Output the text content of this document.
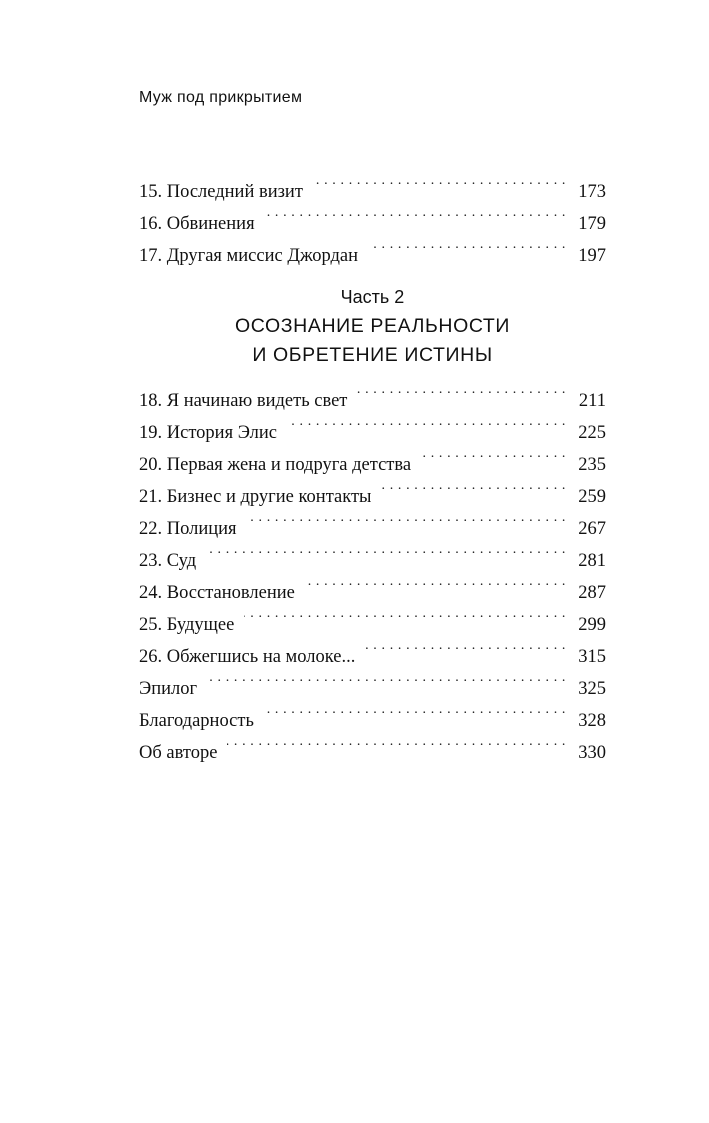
Муж под прикрытием
15. Последний визит . . .	173
16. Обвинения . . .	179
17. Другая миссис Джордан . . .	197
Часть 2
ОСОЗНАНИЕ РЕАЛЬНОСТИ
И ОБРЕТЕНИЕ ИСТИНЫ
18. Я начинаю видеть свет . . .	211
19. История Элис . . .	225
20. Первая жена и подруга детства . . .	235
21. Бизнес и другие контакты . . .	259
22. Полиция . . .	267
23. Суд . . .	281
24. Восстановление . . .	287
25. Будущее . . .	299
26. Обжегшись на молоке... . . .	315
Эпилог . . .	325
Благодарность . . .	328
Об авторе . . .	330
